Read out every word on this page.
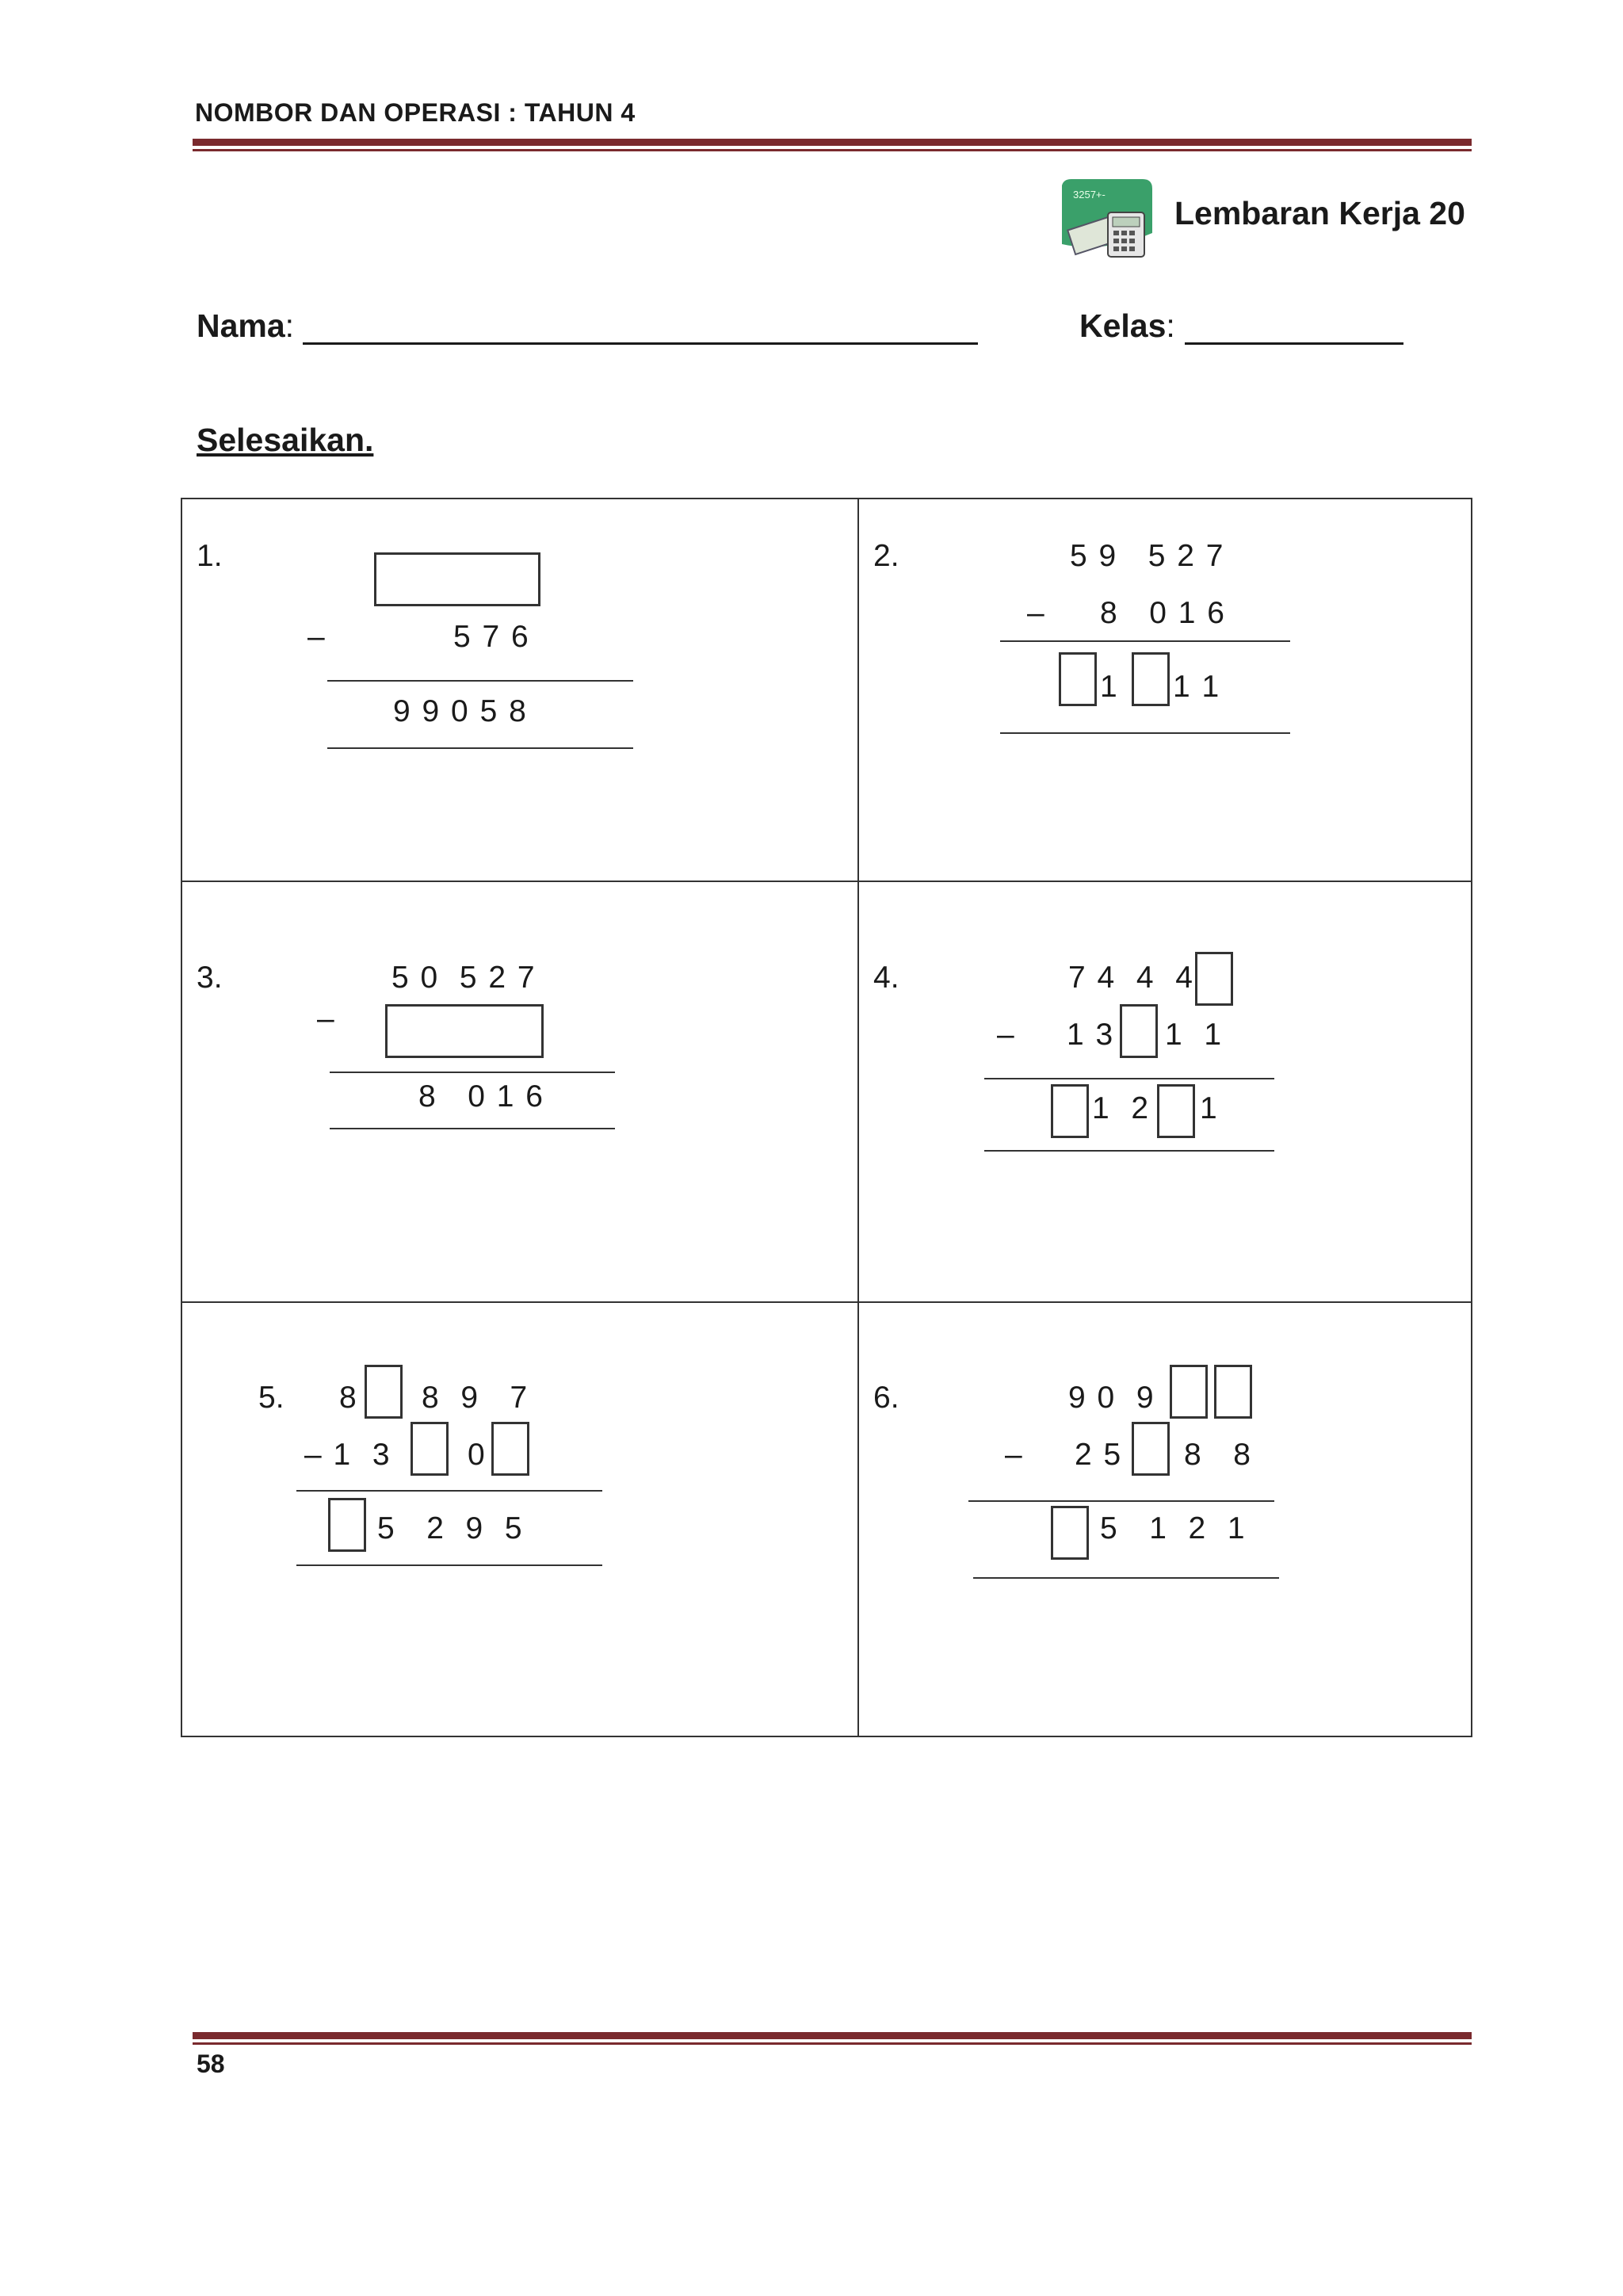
NOMBOR DAN OPERASI : TAHUN 4
3257+-
Lembaran Kerja 20
Nama:	Kelas:
Selesaikan.
1.
–	5 7 6
9 9 0 5 8
2.	5 9   5 2 7
– 8   0 1 6
1 1 1
3.	5 0  5 2 7
–
8   0 1 6
4.	7 4  4  4
– 1 3 1  1
1  2 1
5. 8 8  9   7
– 1  3 0
5   2  9  5
6.	9 0  9
– 2 5 8   8
5   1  2  1
58
